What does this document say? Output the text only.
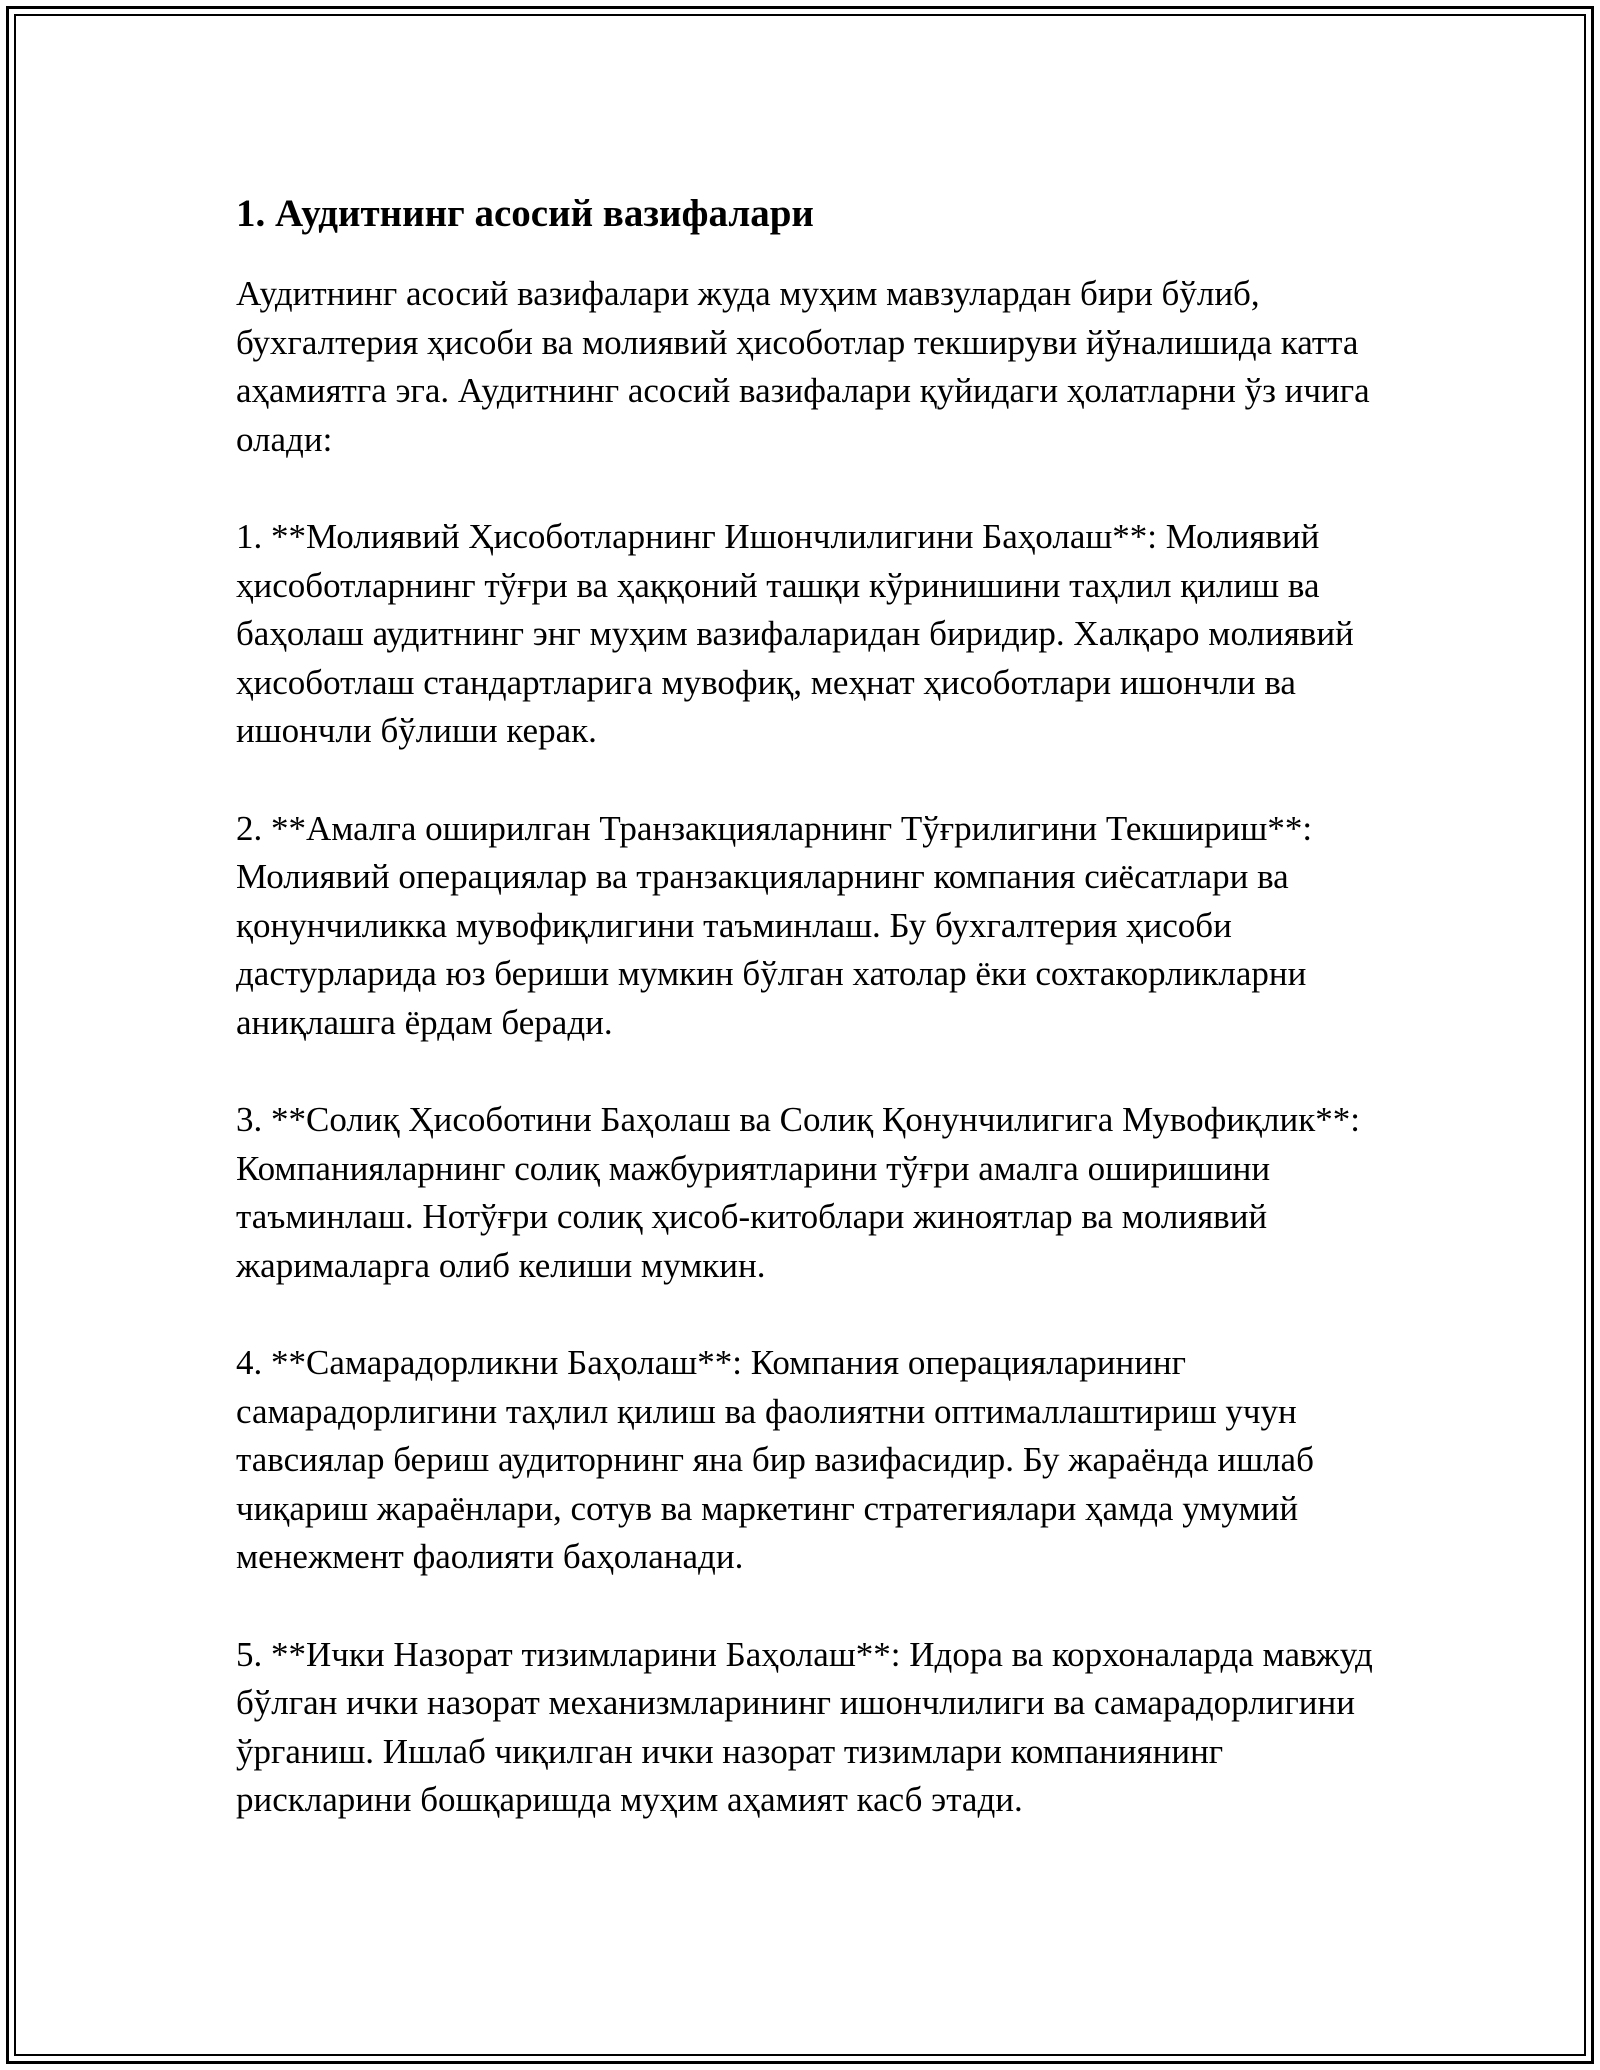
1. Аудитнинг асосий вазифалари

Аудитнинг асосий вазифалари жуда муҳим мавзулардан бири бўлиб, бухгалтерия ҳисоби ва молиявий ҳисоботлар текшируви йўналишида катта аҳамиятга эга. Аудитнинг асосий вазифалари қуйидаги ҳолатларни ўз ичига олади:

1. **Молиявий Ҳисоботларнинг Ишончлилигини Баҳолаш**: Молиявий ҳисоботларнинг тўғри ва ҳаққоний ташқи кўринишини таҳлил қилиш ва баҳолаш аудитнинг энг муҳим вазифаларидан биридир. Халқаро молиявий ҳисоботлаш стандартларига мувофиқ, меҳнат ҳисоботлари ишончли ва ишончли бўлиши керак.

2. **Амалга оширилган Транзакцияларнинг Тўғрилигини Текшириш**: Молиявий операциялар ва транзакцияларнинг компания сиёсатлари ва қонунчиликка мувофиқлигини таъминлаш. Бу бухгалтерия ҳисоби дастурларида юз бериши мумкин бўлган хатолар ёки сохтакорликларни аниқлашга ёрдам беради.

3. **Солиқ Ҳисоботини Баҳолаш ва Солиқ Қонунчилигига Мувофиқлик**: Компанияларнинг солиқ мажбуриятларини тўғри амалга оширишини таъминлаш. Нотўғри солиқ ҳисоб-китоблари жиноятлар ва молиявий жарималарга олиб келиши мумкин.

4. **Самарадорликни Баҳолаш**: Компания операцияларининг самарадорлигини таҳлил қилиш ва фаолиятни оптималлаштириш учун тавсиялар бериш аудиторнинг яна бир вазифасидир. Бу жараёнда ишлаб чиқариш жараёнлари, сотув ва маркетинг стратегиялари ҳамда умумий менежмент фаолияти баҳоланади.

5. **Ички Назорат тизимларини Баҳолаш**: Идора ва корхоналарда мавжуд бўлган ички назорат механизмларининг ишончлилиги ва самарадорлигини ўрганиш. Ишлаб чиқилган ички назорат тизимлари компаниянинг рискларини бошқаришда муҳим аҳамият касб этади.
